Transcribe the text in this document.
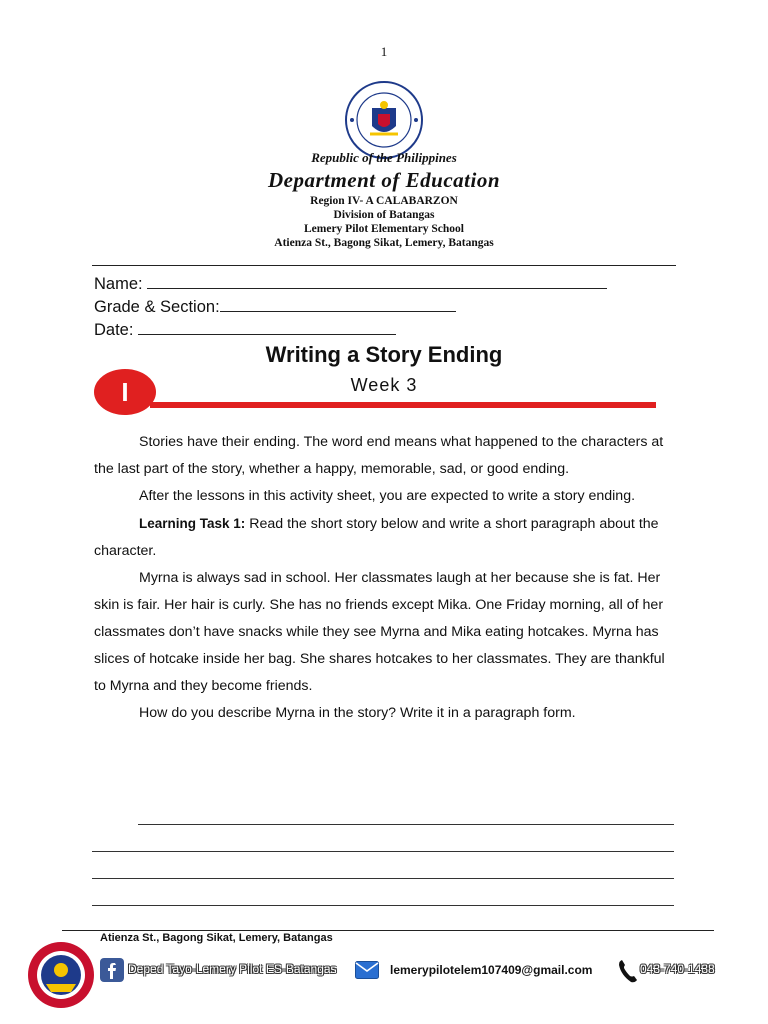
1
Republic of the Philippines
Department of Education
Region IV- A CALABARZON
Division of Batangas
Lemery Pilot Elementary School
Atienza St., Bagong Sikat, Lemery, Batangas
Name:
Grade & Section:
Date:
Writing a Story Ending
Week 3
I

Stories have their ending. The word end means what happened to the characters at the last part of the story, whether a happy, memorable, sad, or good ending.

After the lessons in this activity sheet, you are expected to write a story ending.

Learning Task 1: Read the short story below and write a short paragraph about the character.

Myrna is always sad in school. Her classmates laugh at her because she is fat. Her skin is fair. Her hair is curly. She has no friends except Mika. One Friday morning, all of her classmates don’t have snacks while they see Myrna and Mika eating hotcakes. Myrna has slices of hotcake inside her bag. She shares hotcakes to her classmates. They are thankful to Myrna and they become friends.

How do you describe Myrna in the story? Write it in a paragraph form.

Atienza St., Bagong Sikat, Lemery, Batangas
Deped Tayo-Lemery Pilot ES-Batangas	lemerypilotelem107409@gmail.com	043-740-1438
